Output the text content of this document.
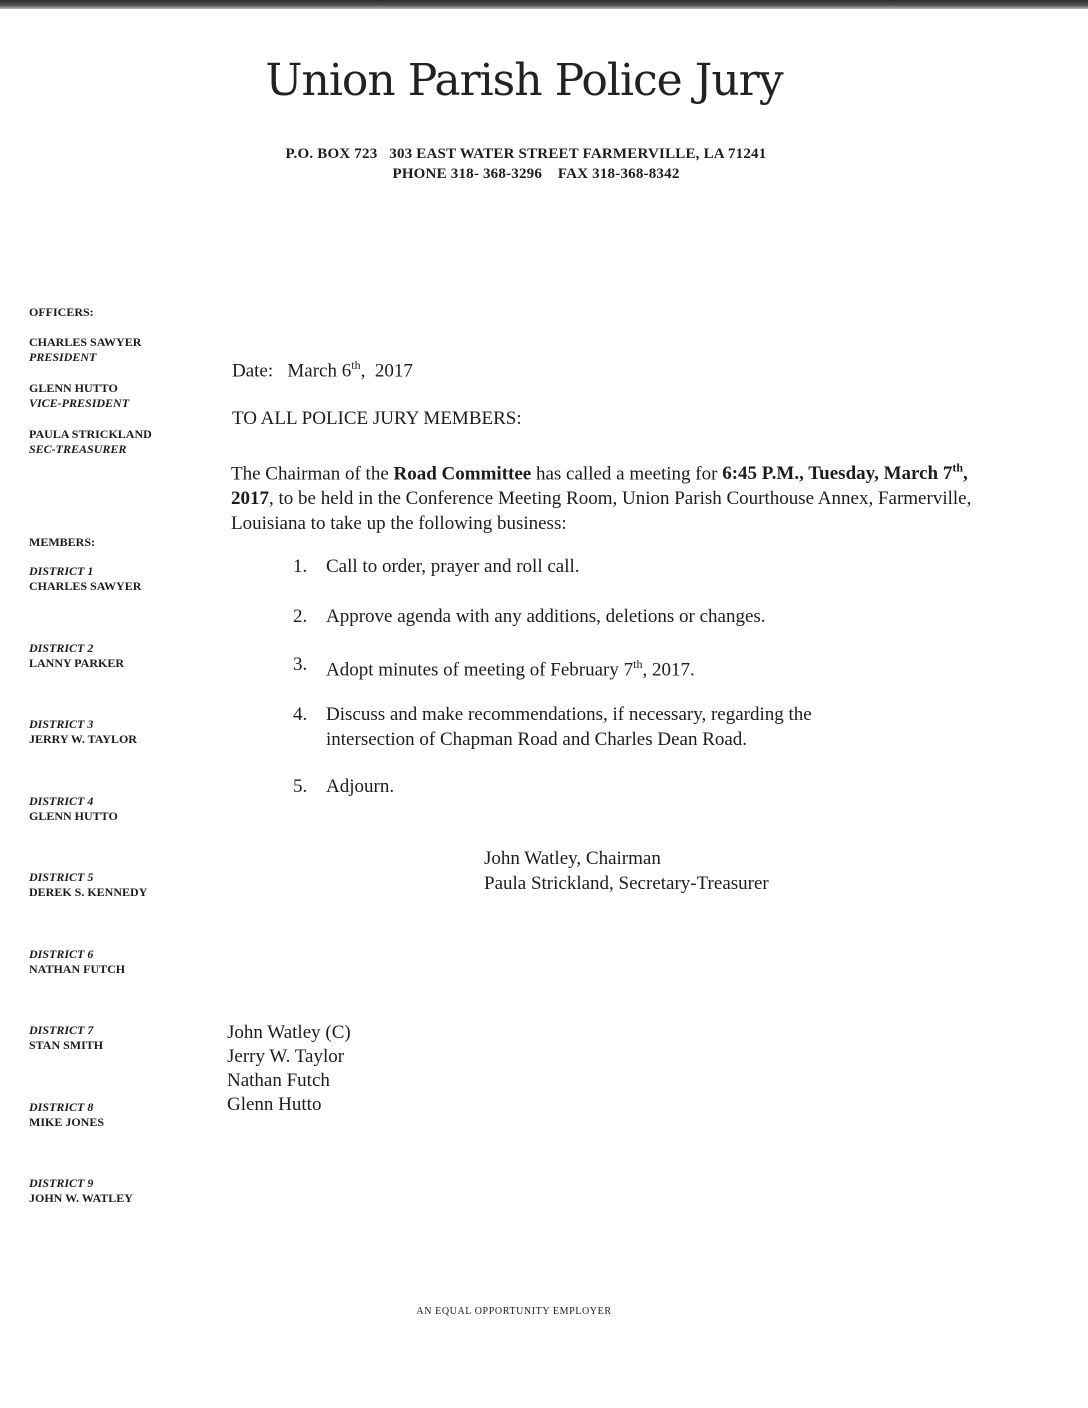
Union Parish Police Jury
P.O. BOX 723   303 EAST WATER STREET FARMERVILLE, LA 71241
PHONE 318- 368-3296    FAX 318-368-8342
OFFICERS:
CHARLES SAWYER
PRESIDENT
GLENN HUTTO
VICE-PRESIDENT
PAULA STRICKLAND
SEC-TREASURER
MEMBERS:
DISTRICT 1
CHARLES SAWYER
DISTRICT 2
LANNY PARKER
DISTRICT 3
JERRY W. TAYLOR
DISTRICT 4
GLENN HUTTO
DISTRICT 5
DEREK S. KENNEDY
DISTRICT 6
NATHAN FUTCH
DISTRICT 7
STAN SMITH
DISTRICT 8
MIKE JONES
DISTRICT 9
JOHN W. WATLEY
Date: March 6th,  2017
TO ALL POLICE JURY MEMBERS:
The Chairman of the Road Committee has called a meeting for 6:45 P.M., Tuesday, March 7th, 2017, to be held in the Conference Meeting Room, Union Parish Courthouse Annex, Farmerville, Louisiana to take up the following business:
1. Call to order, prayer and roll call.
2. Approve agenda with any additions, deletions or changes.
3. Adopt minutes of meeting of February 7th, 2017.
4. Discuss and make recommendations, if necessary, regarding the
intersection of Chapman Road and Charles Dean Road.
5. Adjourn.
John Watley, Chairman
Paula Strickland, Secretary-Treasurer
John Watley (C)
Jerry W. Taylor
Nathan Futch
Glenn Hutto
AN EQUAL OPPORTUNITY EMPLOYER
